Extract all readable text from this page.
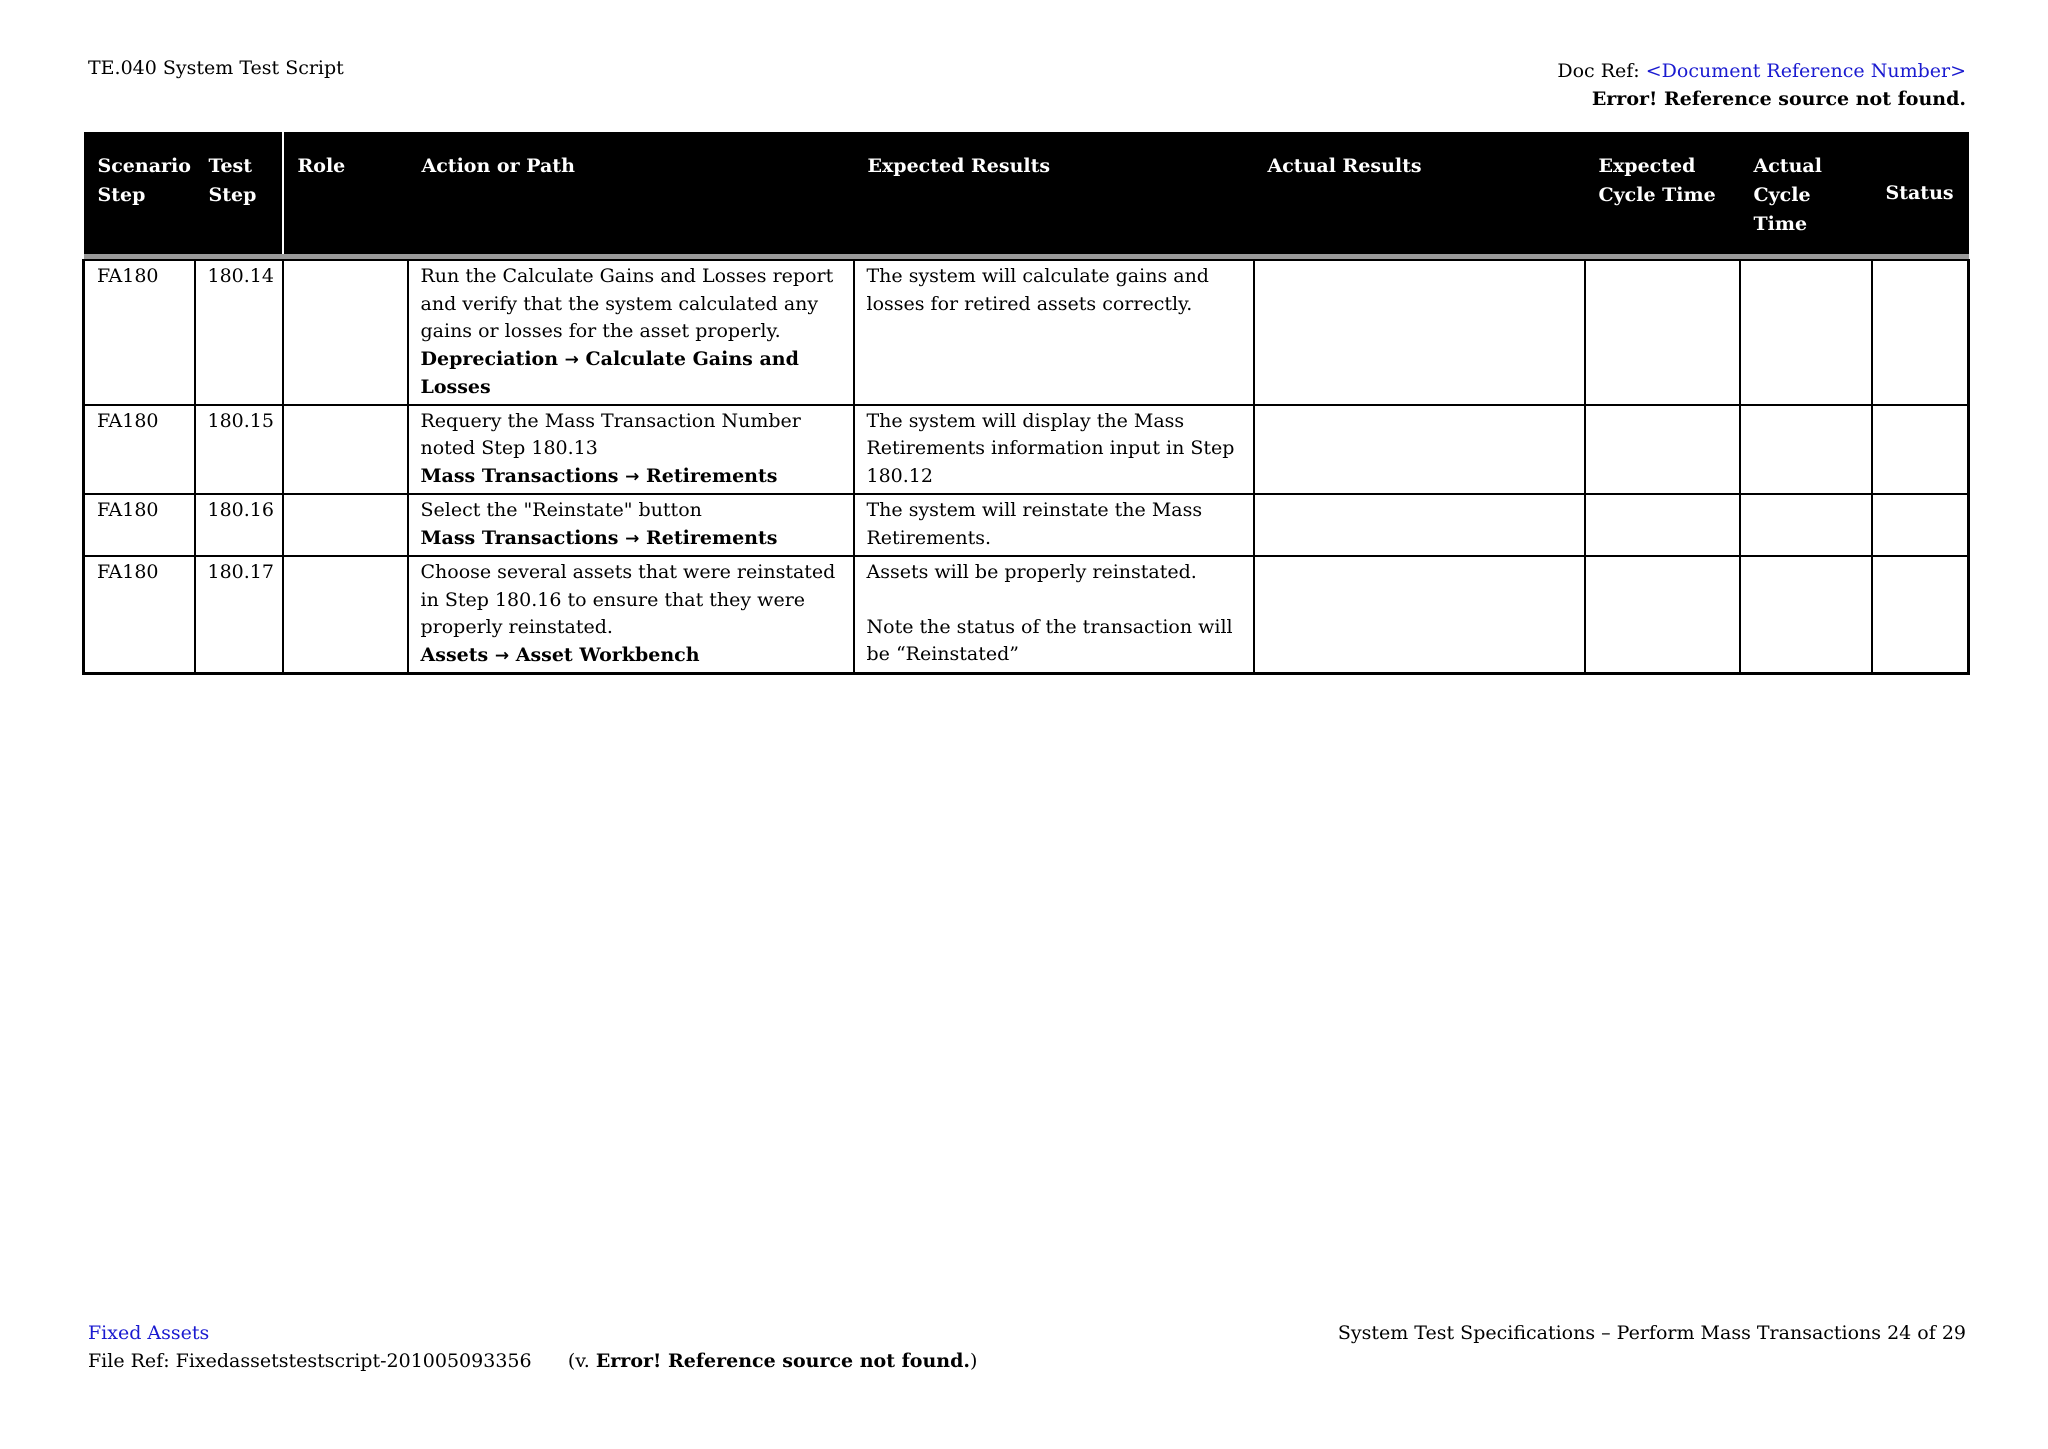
TE.040 System Test Script	Doc Ref: <Document Reference Number>
Error! Reference source not found.
Scenario Step	Test Step	Role	Action or Path	Expected Results	Actual Results	Expected Cycle Time	Actual Cycle Time	Status

FA180	180.14		Run the Calculate Gains and Losses report and verify that the system calculated any gains or losses for the asset properly.
Depreciation → Calculate Gains and Losses	The system will calculate gains and losses for retired assets correctly.				
FA180	180.15		Requery the Mass Transaction Number noted Step 180.13
Mass Transactions → Retirements	The system will display the Mass Retirements information input in Step 180.12				
FA180	180.16		Select the "Reinstate" button
Mass Transactions → Retirements	The system will reinstate the Mass Retirements.				
FA180	180.17		Choose several assets that were reinstated in Step 180.16 to ensure that they were properly reinstated.
Assets → Asset Workbench	Assets will be properly reinstated.
Note the status of the transaction will be “Reinstated”				
Fixed Assets
File Ref: Fixedassetstestscript-201005093356 (v. Error! Reference source not found.)
System Test Specifications – Perform Mass Transactions 24 of 29
